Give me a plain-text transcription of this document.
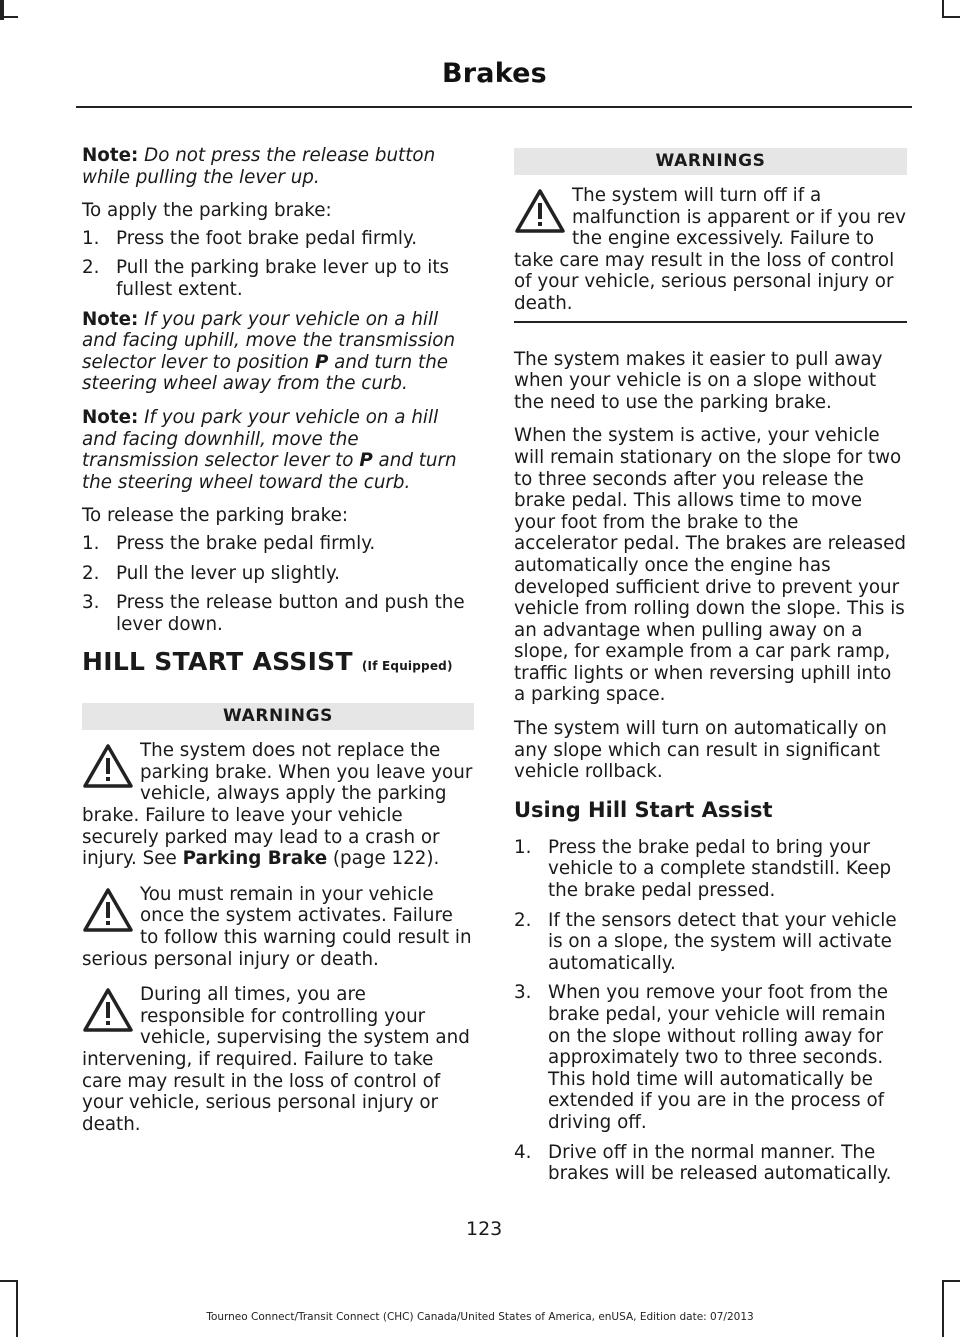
Brakes

Note: Do not press the release button while pulling the lever up.

To apply the parking brake:

1. Press the foot brake pedal firmly.
2. Pull the parking brake lever up to its fullest extent.

Note: If you park your vehicle on a hill and facing uphill, move the transmission selector lever to position P and turn the steering wheel away from the curb.

Note: If you park your vehicle on a hill and facing downhill, move the transmission selector lever to P and turn the steering wheel toward the curb.

To release the parking brake:

1. Press the brake pedal firmly.
2. Pull the lever up slightly.
3. Press the release button and push the lever down.
HILL START ASSIST (If Equipped)
WARNINGS
The system does not replace the parking brake. When you leave your vehicle, always apply the parking brake. Failure to leave your vehicle securely parked may lead to a crash or injury. See Parking Brake (page 122).
You must remain in your vehicle once the system activates. Failure to follow this warning could result in serious personal injury or death.
During all times, you are responsible for controlling your vehicle, supervising the system and intervening, if required. Failure to take care may result in the loss of control of your vehicle, serious personal injury or death.
WARNINGS
The system will turn off if a malfunction is apparent or if you rev the engine excessively. Failure to take care may result in the loss of control of your vehicle, serious personal injury or death.

The system makes it easier to pull away when your vehicle is on a slope without the need to use the parking brake.

When the system is active, your vehicle will remain stationary on the slope for two to three seconds after you release the brake pedal. This allows time to move your foot from the brake to the accelerator pedal. The brakes are released automatically once the engine has developed sufficient drive to prevent your vehicle from rolling down the slope. This is an advantage when pulling away on a slope, for example from a car park ramp, traffic lights or when reversing uphill into a parking space.

The system will turn on automatically on any slope which can result in significant vehicle rollback.

Using Hill Start Assist
1. Press the brake pedal to bring your vehicle to a complete standstill. Keep the brake pedal pressed.
2. If the sensors detect that your vehicle is on a slope, the system will activate automatically.
3. When you remove your foot from the brake pedal, your vehicle will remain on the slope without rolling away for approximately two to three seconds. This hold time will automatically be extended if you are in the process of driving off.
4. Drive off in the normal manner. The brakes will be released automatically.
123
Tourneo Connect/Transit Connect (CHC) Canada/United States of America, enUSA, Edition date: 07/2013
